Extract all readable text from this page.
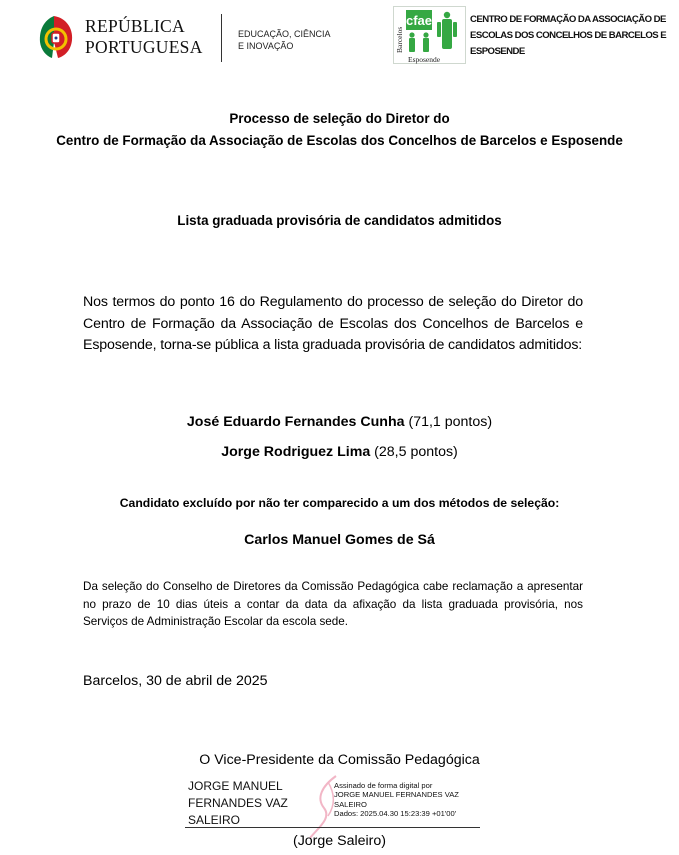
REPÚBLICA
PORTUGUESA
EDUCAÇÃO, CIÊNCIA
E INOVAÇÃO	Barcelos
cfae
Esposende
CENTRO DE FORMAÇÃO DA ASSOCIAÇÃO DE
ESCOLAS DOS CONCELHOS DE BARCELOS E
ESPOSENDE
Processo de seleção do Diretor do
Centro de Formação da Associação de Escolas dos Concelhos de Barcelos e Esposende
Lista graduada provisória de candidatos admitidos
Nos termos do ponto 16 do Regulamento do processo de seleção do Diretor do Centro de Formação da Associação de Escolas dos Concelhos de Barcelos e Esposende, torna-se pública a lista graduada provisória de candidatos admitidos:
José Eduardo Fernandes Cunha (71,1 pontos)
Jorge Rodriguez Lima (28,5 pontos)
Candidato excluído por não ter comparecido a um dos métodos de seleção:
Carlos Manuel Gomes de Sá
Da seleção do Conselho de Diretores da Comissão Pedagógica cabe reclamação a apresentar no prazo de 10 dias úteis a contar da data da afixação da lista graduada provisória, nos Serviços de Administração Escolar da escola sede.
Barcelos, 30 de abril de 2025
O Vice-Presidente da Comissão Pedagógica
JORGE MANUEL
FERNANDES VAZ
SALEIRO
Assinado de forma digital por
JORGE MANUEL FERNANDES VAZ
SALEIRO
Dados: 2025.04.30 15:23:39 +01'00'
(Jorge Saleiro)
